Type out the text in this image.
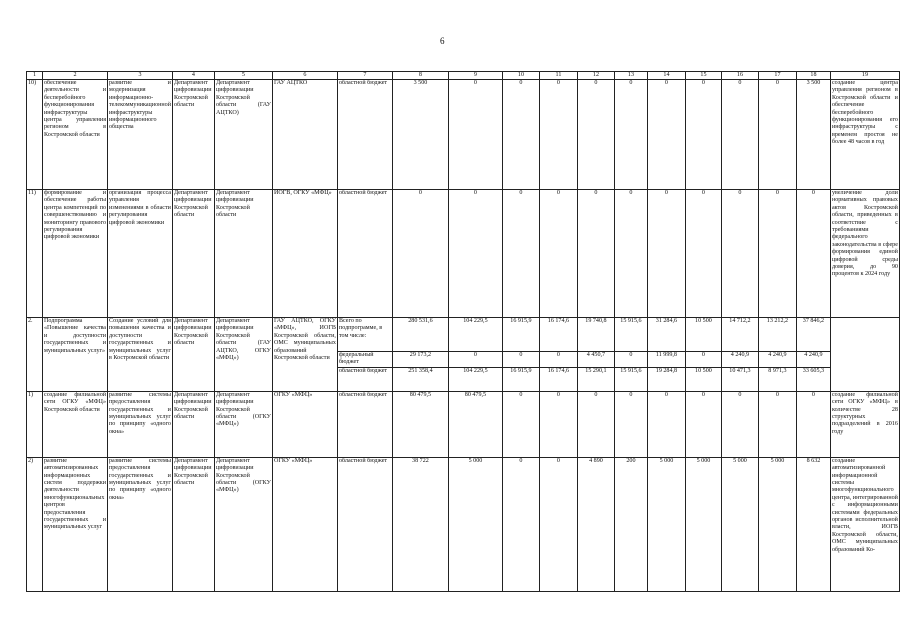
6
1	2	3	4	5	6	7	8	9	10	11	12	13	14	15	16	17	18	19
10)	обеспечение деятельности и бесперебойного функционирования инфраструктуры центра управления регионом в Костромской области	развитие и модернизация информационно-телекоммуникационной инфраструктуры информационного общества	Департамент цифровизации Костромской области	Департамент цифровизации Костромской области (ГАУ АЦТКО)	ГАУ АЦТКО	областной бюджет	3 500	0	0	0	0	0	0	0	0	0	3 500	создание центра управления регионом в Костромской области и обеспечение бесперебойного функционирования его инфраструктуры с временем простоя не более 48 часов в год
11)	формирование и обеспечение работы центра компетенций по совершенствованию и мониторингу правового регулирования цифровой экономики	организация процесса управления изменениями в области регулирования цифровой экономики	Департамент цифровизации Костромской области	Департамент цифровизации Костромской области	ИОГВ, ОГКУ «МФЦ»	областной бюджет	0	0	0	0	0	0	0	0	0	0	0	увеличение доли нормативных правовых актов Костромской области, приведенных в соответствие с требованиями федерального законодательства в сфере формирования единой цифровой среды доверия, до 90 процентов к 2024 году
2.	Подпрограмма «Повышение качества и доступности государственных и муниципальных услуг»	Создание условий для повышения качества и доступности государственных и муниципальных услуг в Костромской области	Департамент цифровизации Костромской области	Департамент цифровизации Костромской области (ГАУ АЦТКО, ОГКУ «МФЦ»)	ГАУ АЦТКО, ОГКУ «МФЦ», ИОГВ Костромской области, ОМС муниципальных образований Костромской области	Всего по подпрограмме, в том числе:	280 531,6	104 229,5	16 915,9	16 174,6	19 740,8	15 915,6	31 284,6	10 500	14 712,2	13 212,2	37 846,2	
						федеральный бюджет	29 173,2	0	0	0	4 450,7	0	11 999,8	0	4 240,9	4 240,9	4 240,9	
						областной бюджет	251 358,4	104 229,5	16 915,9	16 174,6	15 290,1	15 915,6	19 284,8	10 500	10 471,3	8 971,3	33 605,3	
1)	создание филиальной сети ОГКУ «МФЦ» Костромской области	развитие системы предоставления государственных и муниципальных услуг по принципу «одного окна»	Департамент цифровизации Костромской области	Департамент цифровизации Костромской области (ОГКУ «МФЦ»)	ОГКУ «МФЦ»	областной бюджет	80 479,5	80 479,5	0	0	0	0	0	0	0	0	0	создание филиальной сети ОГКУ «МФЦ» в количестве 28 структурных подразделений в 2016 году
2)	развитие автоматизированных информационных систем поддержки деятельности многофункциональных центров предоставления государственных и муниципальных услуг	развитие системы предоставления государственных и муниципальных услуг по принципу «одного окна»	Департамент цифровизации Костромской области	Департамент цифровизации Костромской области (ОГКУ «МФЦ»)	ОГКУ «МФЦ»	областной бюджет	38 722	5 000	0	0	4 890	200	5 000	5 000	5 000	5 000	8 632	создание автоматизированной информационной системы многофункционального центра, интегрированной с информационными системами федеральных органов исполнительной власти, ИОГВ Костромской области, ОМС муниципальных образований Ко-
